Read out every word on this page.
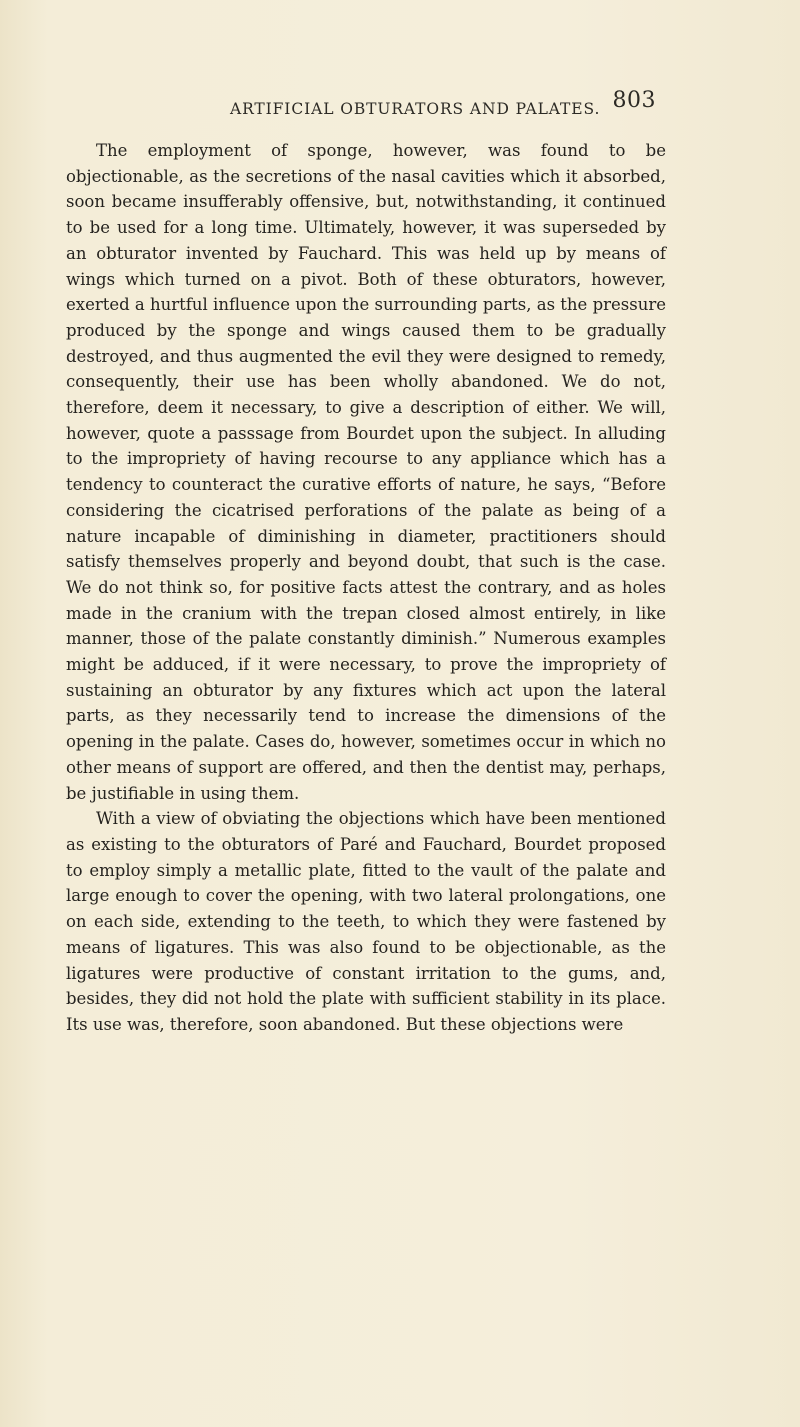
ARTIFICIAL OBTURATORS AND PALATES. 803

The employment of sponge, however, was found to be objectionable, as the secretions of the nasal cavities which it absorbed, soon became insufferably offensive, but, notwithstanding, it continued to be used for a long time. Ultimately, however, it was superseded by an obturator invented by Fauchard. This was held up by means of wings which turned on a pivot. Both of these obturators, however, exerted a hurtful influence upon the surrounding parts, as the pressure produced by the sponge and wings caused them to be gradually destroyed, and thus augmented the evil they were designed to remedy, consequently, their use has been wholly abandoned. We do not, therefore, deem it necessary, to give a description of either. We will, however, quote a passsage from Bourdet upon the subject. In alluding to the impropriety of having recourse to any appliance which has a tendency to counteract the curative efforts of nature, he says, “Before considering the cicatrised perforations of the palate as being of a nature incapable of diminishing in diameter, practitioners should satisfy themselves properly and beyond doubt, that such is the case. We do not think so, for positive facts attest the contrary, and as holes made in the cranium with the trepan closed almost entirely, in like manner, those of the palate constantly diminish.” Numerous examples might be adduced, if it were necessary, to prove the impropriety of sustaining an obturator by any fixtures which act upon the lateral parts, as they necessarily tend to increase the dimensions of the opening in the palate. Cases do, however, sometimes occur in which no other means of support are offered, and then the dentist may, perhaps, be justifiable in using them.

With a view of obviating the objections which have been mentioned as existing to the obturators of Paré and Fauchard, Bourdet proposed to employ simply a metallic plate, fitted to the vault of the palate and large enough to cover the opening, with two lateral prolongations, one on each side, extending to the teeth, to which they were fastened by means of ligatures. This was also found to be objectionable, as the ligatures were productive of constant irritation to the gums, and, besides, they did not hold the plate with sufficient stability in its place. Its use was, therefore, soon abandoned. But these objections were
